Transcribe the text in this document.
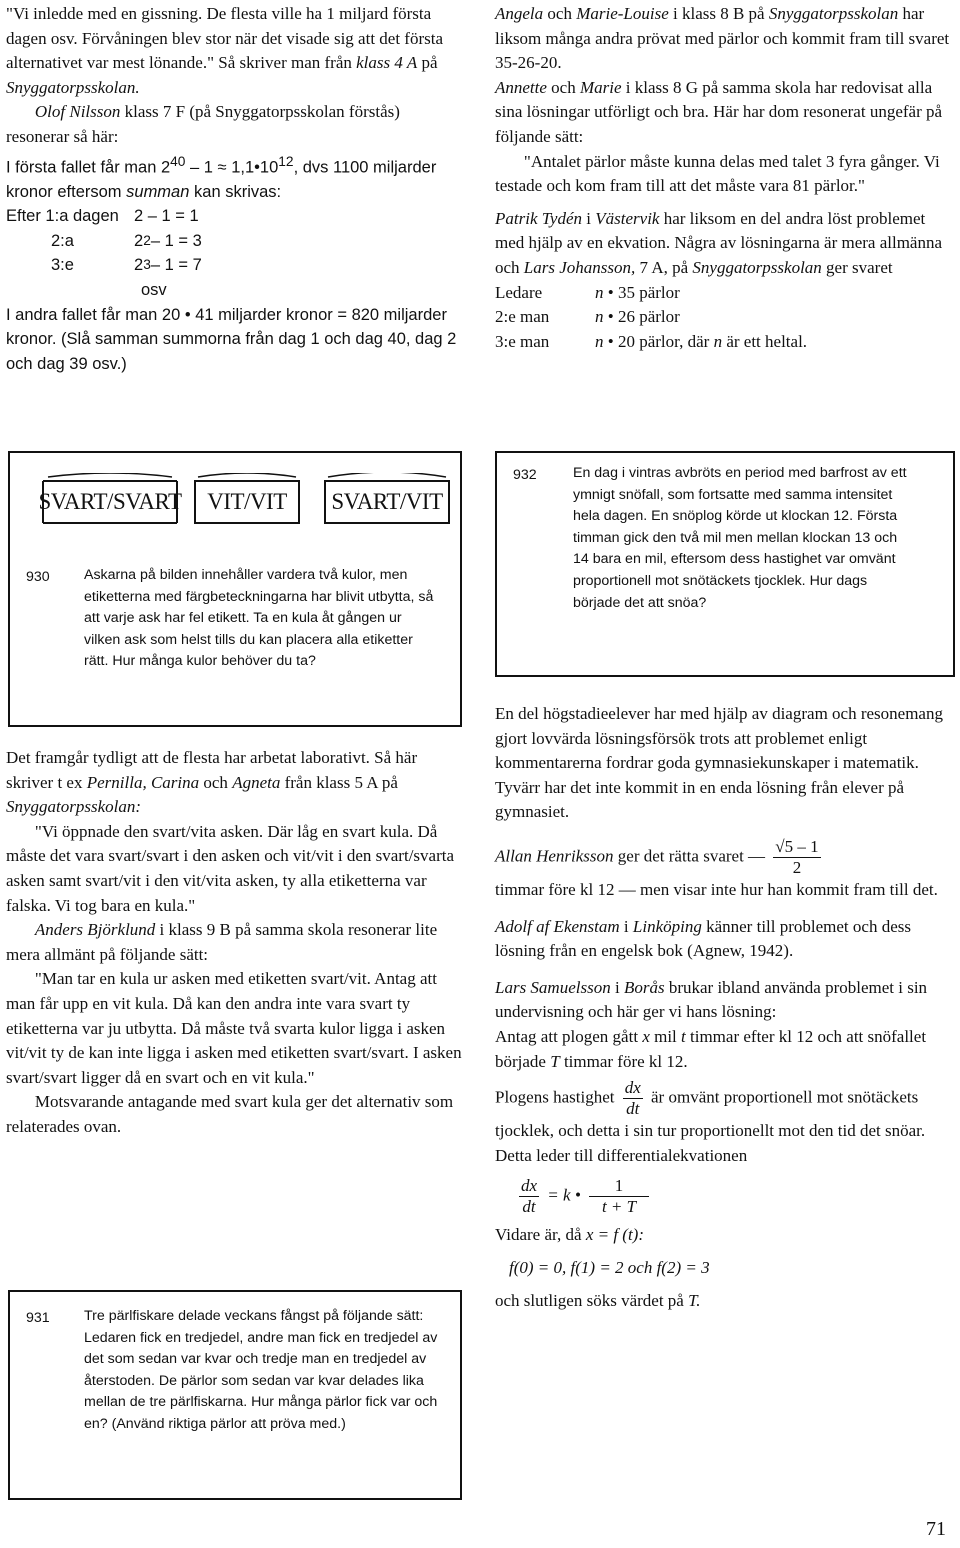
"Vi inledde med en gissning. De flesta ville ha 1 miljard första dagen osv. Förvåningen blev stor när det visade sig att det första alternativet var mest lönande." Så skriver man från klass 4 A på Snyggatorpsskolan.

Olof Nilsson klass 7 F (på Snyggatorpsskolan förstås) resonerar så här:

I första fallet får man $2^{40} - 1$ ≈ $1,1•10^{12}$, dvs 1100 miljarder kronor eftersom summan kan skrivas:

Efter 1:a dagen 2 – 1 = 1
2:a	2 2 – 1 = 3
3:e	2 3 – 1 = 7
osv

I andra fallet får man 20 • 41 miljarder kronor = 820 miljarder kronor. (Slå samman summorna från dag 1 och dag 40, dag 2 och dag 39 osv.)

Angela och Marie-Louise i klass 8 B på Snyggatorpsskolan har liksom många andra prövat med pärlor och kommit fram till svaret 35-26-20.

Annette och Marie i klass 8 G på samma skola har redovisat alla sina lösningar utförligt och bra. Här har dom resonerat ungefär på följande sätt:

"Antalet pärlor måste kunna delas med talet 3 fyra gånger. Vi testade och kom fram till att det måste vara 81 pärlor."

Patrik Tydén i Västervik har liksom en del andra löst problemet med hjälp av en ekvation. Några av lösningarna är mera allmänna och Lars Johansson, 7 A, på Snyggatorpsskolan ger svaret

Ledare	n • 35 pärlor
2:e man	n • 26 pärlor
3:e man	n • 20 pärlor, där n är ett heltal.
SVART/SVART VIT/VIT SVART/VIT
930 Askarna på bilden innehåller vardera två kulor, men etiketterna med färgbeteckningarna har blivit utbytta, så att varje ask har fel etikett. Ta en kula åt gången ur vilken ask som helst tills du kan placera alla etiketter rätt. Hur många kulor behöver du ta?
932	En dag i vintras avbröts en period med barfrost av ett ymnigt snöfall, som fortsatte med samma intensitet hela dagen. En snöplog körde ut klockan 12. Första timman gick den två mil men mellan klockan 13 och 14 bara en mil, eftersom dess hastighet var omvänt proportionell mot snötäckets tjocklek. Hur dags började det att snöa?

Det framgår tydligt att de flesta har arbetat laborativt. Så här skriver t ex Pernilla, Carina och Agneta från klass 5 A på Snyggatorpsskolan:

"Vi öppnade den svart/vita asken. Där låg en svart kula. Då måste det vara svart/svart i den asken och vit/vit i den svart/svarta asken samt svart/vit i den vit/vita asken, ty alla etiketterna var falska. Vi tog bara en kula."

Anders Björklund i klass 9 B på samma skola resonerar lite mera allmänt på följande sätt:

"Man tar en kula ur asken med etiketten svart/vit. Antag att man får upp en vit kula. Då kan den andra inte vara svart ty etiketterna var ju utbytta. Då måste två svarta kulor ligga i asken vit/vit ty de kan inte ligga i asken med etiketten svart/svart. I asken svart/svart ligger då en svart och en vit kula."

Motsvarande antagande med svart kula ger det alternativ som relaterades ovan.

931 Tre pärlfiskare delade veckans fångst på följande sätt: Ledaren fick en tredjedel, andre man fick en tredjedel av det som sedan var kvar och tredje man en tredjedel av återstoden. De pärlor som sedan var kvar delades lika mellan de tre pärlfiskarna. Hur många pärlor fick var och en? (Använd riktiga pärlor att pröva med.)

En del högstadieelever har med hjälp av diagram och resonemang gjort lovvärda lösningsförsök trots att problemet enligt kommentarerna fordrar goda gymnasiekunskaper i matematik. Tyvärr har det inte kommit in en enda lösning från elever på gymnasiet.

Allan Henriksson ger det rätta svaret — $\frac{√5 - 1}{2}$

timmar före kl 12 — men visar inte hur han kommit fram till det.

Adolf af Ekenstam i Linköping känner till problemet och dess lösning från en engelsk bok (Agnew, 1942).

Lars Samuelsson i Borås brukar ibland använda problemet i sin undervisning och här ger vi hans lösning:

Antag att plogen gått x mil t timmar efter kl 12 och att snöfallet började T timmar före kl 12.

Plogens hastighet $\frac{dx}{dt}$ är omvänt proportionell mot snötäckets tjocklek, och detta i sin tur proportionellt mot den tid det snöar. Detta leder till differentialekvationen

$\frac{dx}{dt} = k$ • $\frac{1}{t + T}$

Vidare är, då x = f (t):

f(0) = 0, f(1) = 2 och f(2) = 3

och slutligen söks värdet på T.

71
